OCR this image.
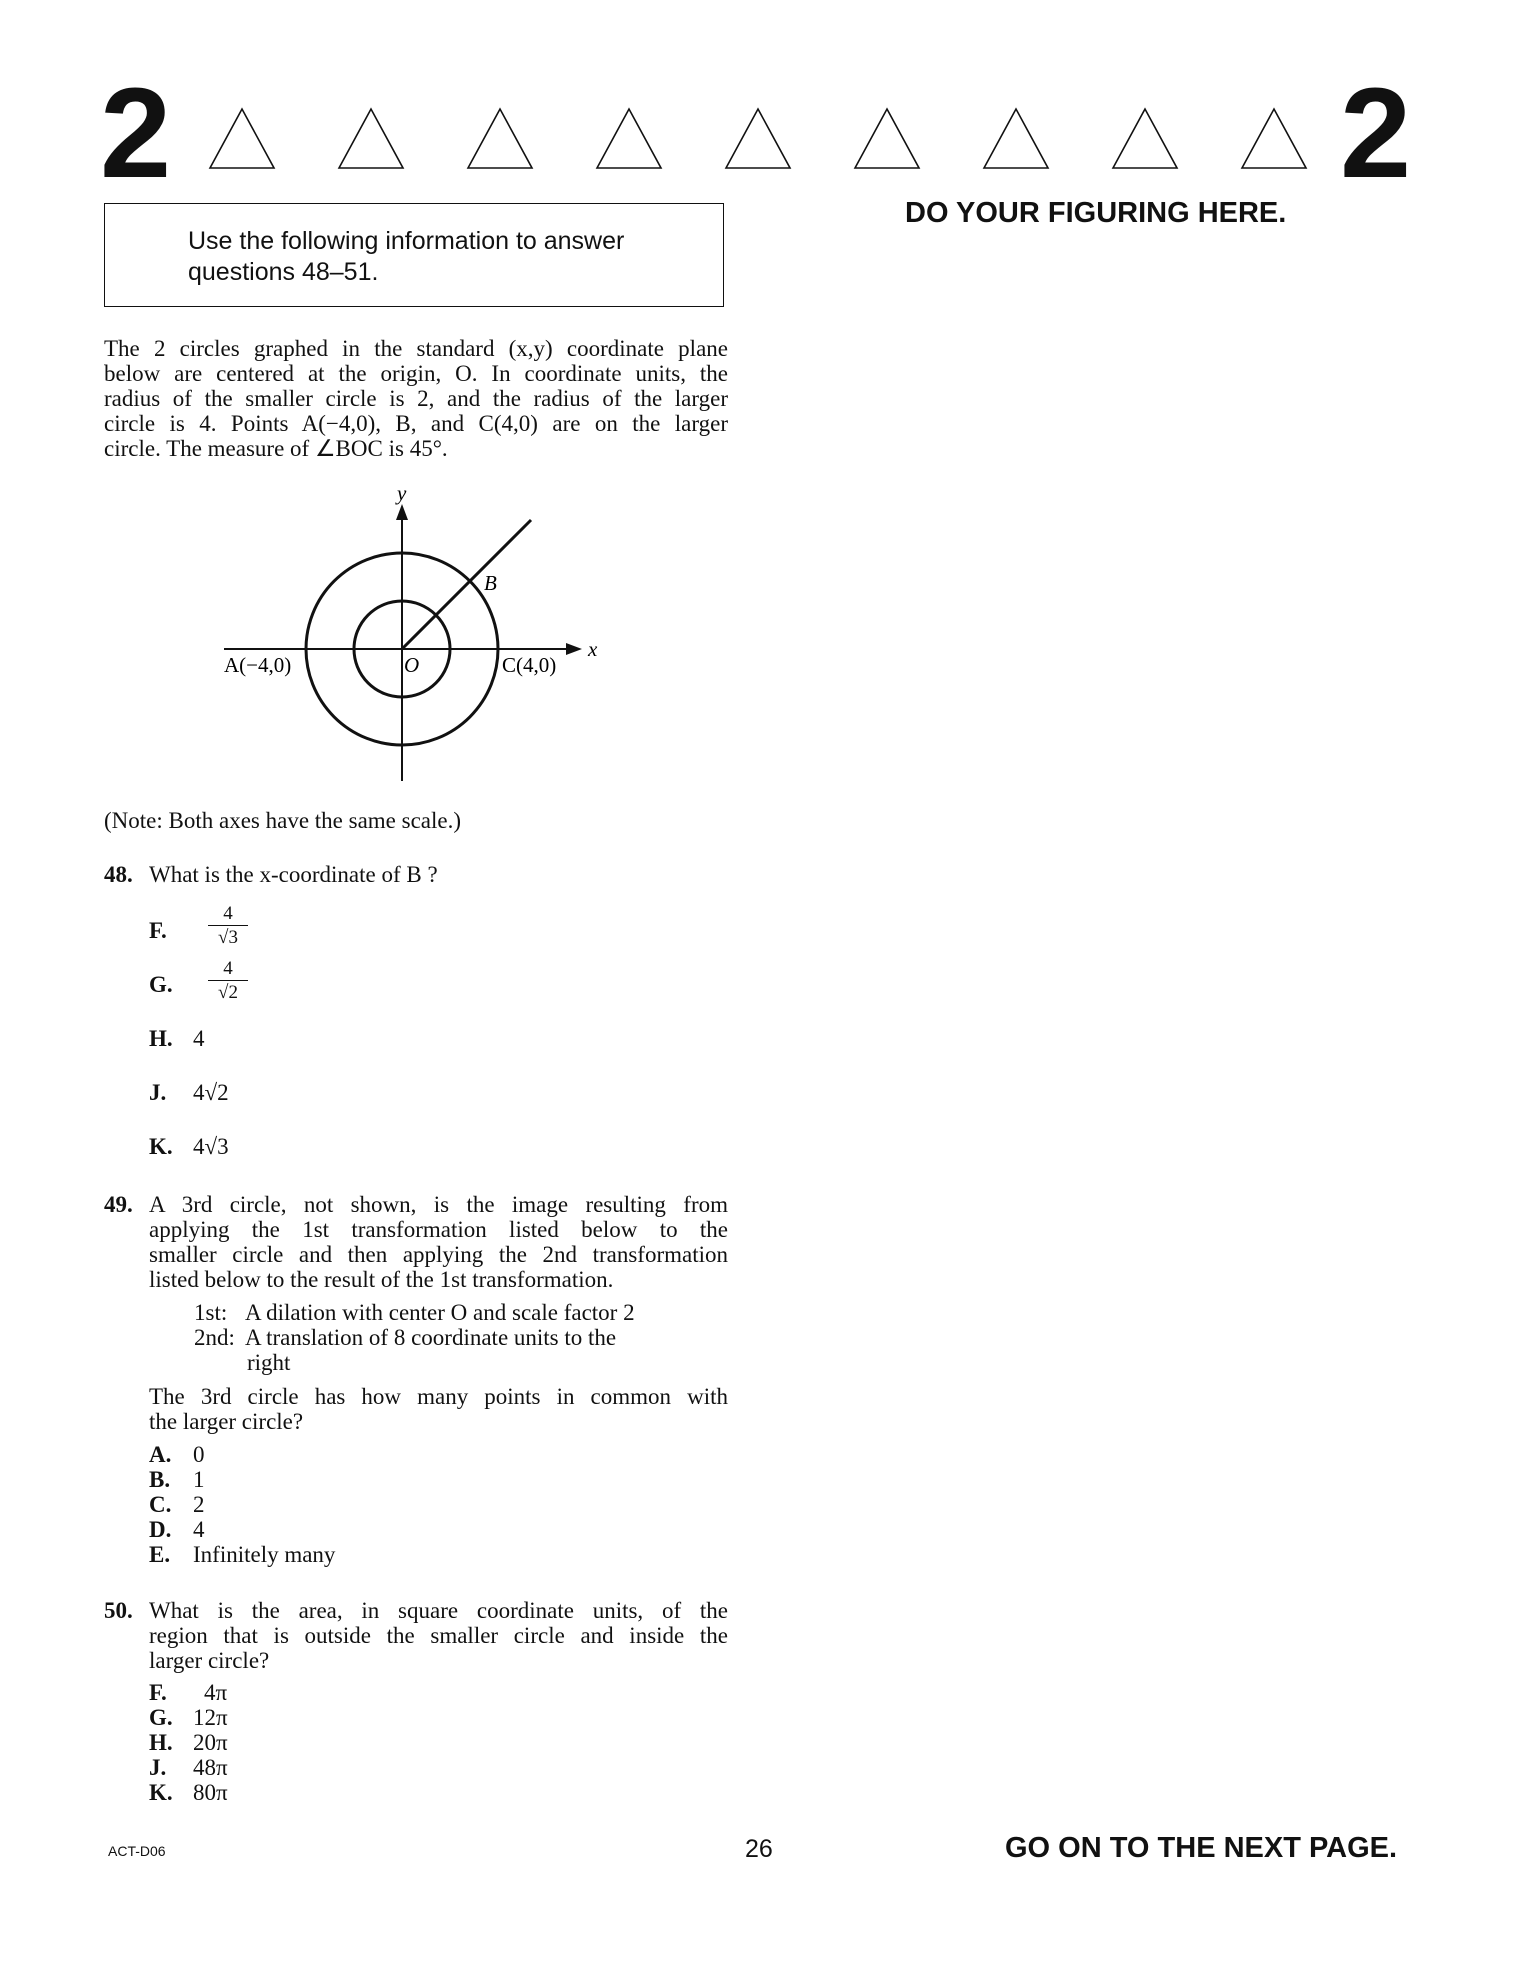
2	2
DO YOUR FIGURING HERE.
Use the following information to answer
questions 48–51.
The 2 circles graphed in the standard (x,y) coordinate plane
below are centered at the origin, O. In coordinate units, the
radius of the smaller circle is 2, and the radius of the larger
circle is 4. Points A(−4,0), B, and C(4,0) are on the larger
circle. The measure of ∠BOC is 45°.
y
x
B
O
A(−4,0)	C(4,0)
(Note: Both axes have the same scale.)
48. What is the x-coordinate of B ?
F.	$\frac{4}{√3}$
G.	$\frac{4}{√2}$
H. 4
J. 4√2
K. 4√3
49. A 3rd circle, not shown, is the image resulting from
applying the 1st transformation listed below to the
smaller circle and then applying the 2nd transformation
listed below to the result of the 1st transformation.
1st: A dilation with center O and scale factor 2
2nd: A translation of 8 coordinate units to the
right
The 3rd circle has how many points in common with
the larger circle?
A. 0
B. 1
C. 2
D. 4
E. Infinitely many
50. What is the area, in square coordinate units, of the
region that is outside the smaller circle and inside the
larger circle?
F. 4π
G. 12π
H. 20π
J. 48π
K. 80π
ACT-D06	26	GO ON TO THE NEXT PAGE.
